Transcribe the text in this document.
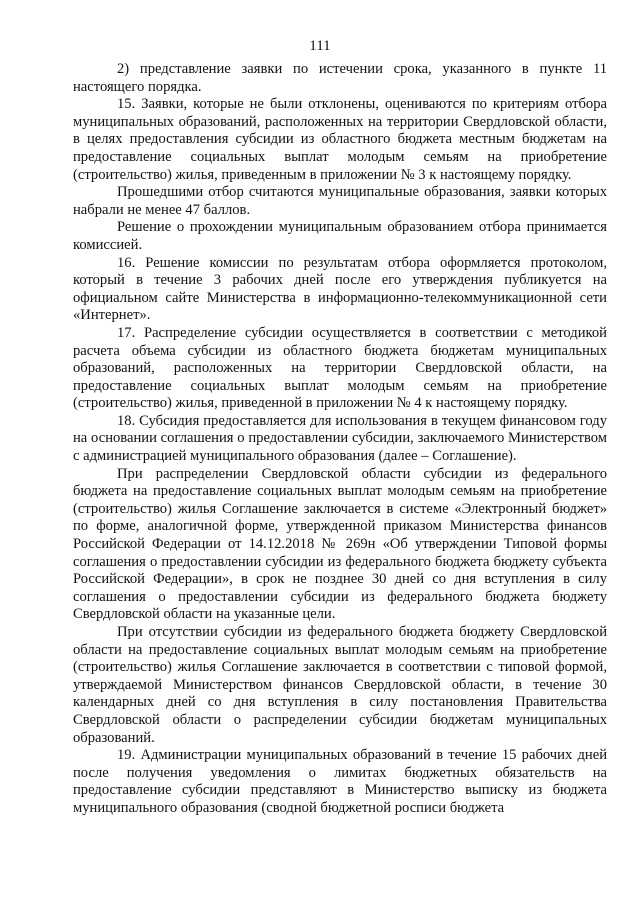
111

2) представление заявки по истечении срока, указанного в пункте 11 настоящего порядка.

15. Заявки, которые не были отклонены, оцениваются по критериям отбора муниципальных образований, расположенных на территории Свердловской области, в целях предоставления субсидии из областного бюджета местным бюджетам на предоставление социальных выплат молодым семьям на приобретение (строительство) жилья, приведенным в приложении № 3 к настоящему порядку.

Прошедшими отбор считаются муниципальные образования, заявки которых набрали не менее 47 баллов.

Решение о прохождении муниципальным образованием отбора принимается комиссией.

16. Решение комиссии по результатам отбора оформляется протоколом, который в течение 3 рабочих дней после его утверждения публикуется на официальном сайте Министерства в информационно-телекоммуникационной сети «Интернет».

17. Распределение субсидии осуществляется в соответствии с методикой расчета объема субсидии из областного бюджета бюджетам муниципальных образований, расположенных на территории Свердловской области, на предоставление социальных выплат молодым семьям на приобретение (строительство) жилья, приведенной в приложении № 4 к настоящему порядку.

18. Субсидия предоставляется для использования в текущем финансовом году на основании соглашения о предоставлении субсидии, заключаемого Министерством с администрацией муниципального образования (далее – Соглашение).

При распределении Свердловской области субсидии из федерального бюджета на предоставление социальных выплат молодым семьям на приобретение (строительство) жилья Соглашение заключается в системе «Электронный бюджет» по форме, аналогичной форме, утвержденной приказом Министерства финансов Российской Федерации от 14.12.2018 № 269н «Об утверждении Типовой формы соглашения о предоставлении субсидии из федерального бюджета бюджету субъекта Российской Федерации», в срок не позднее 30 дней со дня вступления в силу соглашения о предоставлении субсидии из федерального бюджета бюджету Свердловской области на указанные цели.

При отсутствии субсидии из федерального бюджета бюджету Свердловской области на предоставление социальных выплат молодым семьям на приобретение (строительство) жилья Соглашение заключается в соответствии с типовой формой, утверждаемой Министерством финансов Свердловской области, в течение 30 календарных дней со дня вступления в силу постановления Правительства Свердловской области о распределении субсидии бюджетам муниципальных образований.

19. Администрации муниципальных образований в течение 15 рабочих дней после получения уведомления о лимитах бюджетных обязательств на предоставление субсидии представляют в Министерство выписку из бюджета муниципального образования (сводной бюджетной росписи бюджета
